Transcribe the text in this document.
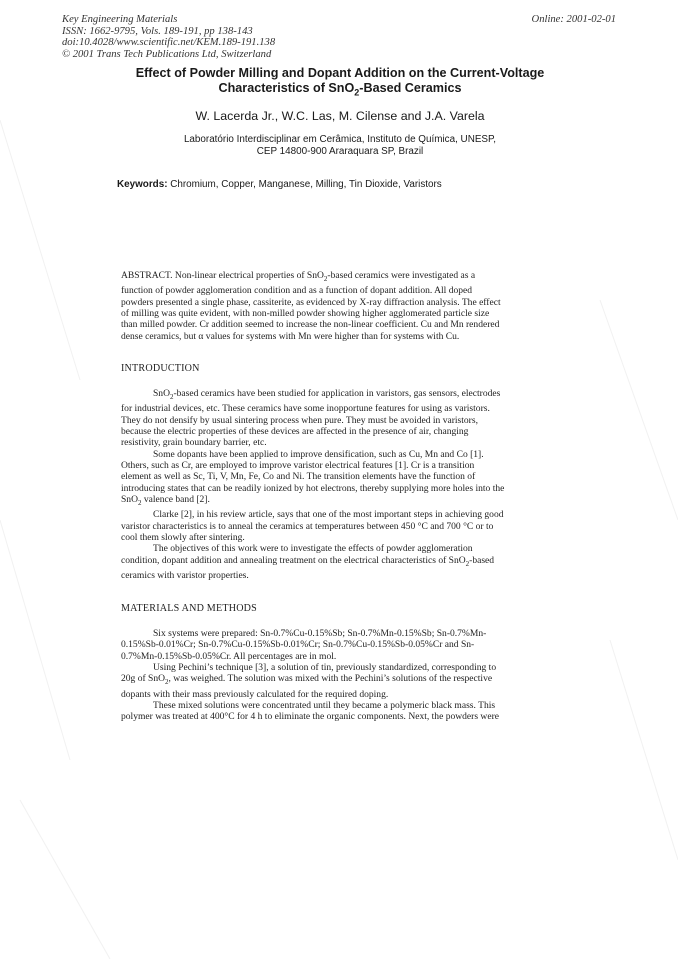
Key Engineering Materials
ISSN: 1662-9795, Vols. 189-191, pp 138-143
doi:10.4028/www.scientific.net/KEM.189-191.138
© 2001 Trans Tech Publications Ltd, Switzerland
Online: 2001-02-01
Effect of Powder Milling and Dopant Addition on the Current-Voltage
Characteristics of SnO$_2$-Based Ceramics
W. Lacerda Jr., W.C. Las, M. Cilense and J.A. Varela
Laboratório Interdisciplinar em Cerâmica, Instituto de Química, UNESP,
CEP 14800-900 Araraquara SP, Brazil
Keywords: Chromium, Copper, Manganese, Milling, Tin Dioxide, Varistors
ABSTRACT. Non-linear electrical properties of SnO$_2$-based ceramics were investigated as a
function of powder agglomeration condition and as a function of dopant addition. All doped
powders presented a single phase, cassiterite, as evidenced by X-ray diffraction analysis. The effect
of milling was quite evident, with non-milled powder showing higher agglomerated particle size
than milled powder. Cr addition seemed to increase the non-linear coefficient. Cu and Mn rendered
dense ceramics, but α values for systems with Mn were higher than for systems with Cu.
INTRODUCTION
SnO$_2$-based ceramics have been studied for application in varistors, gas sensors, electrodes
for industrial devices, etc. These ceramics have some inopportune features for using as varistors.
They do not densify by usual sintering process when pure. They must be avoided in varistors,
because the electric properties of these devices are affected in the presence of air, changing
resistivity, grain boundary barrier, etc.
Some dopants have been applied to improve densification, such as Cu, Mn and Co [1].
Others, such as Cr, are employed to improve varistor electrical features [1]. Cr is a transition
element as well as Sc, Ti, V, Mn, Fe, Co and Ni. The transition elements have the function of
introducing states that can be readily ionized by hot electrons, thereby supplying more holes into the
SnO$_2$ valence band [2].
Clarke [2], in his review article, says that one of the most important steps in achieving good
varistor characteristics is to anneal the ceramics at temperatures between 450 °C and 700 °C or to
cool them slowly after sintering.
The objectives of this work were to investigate the effects of powder agglomeration
condition, dopant addition and annealing treatment on the electrical characteristics of SnO$_2$-based
ceramics with varistor properties.
MATERIALS AND METHODS
Six systems were prepared: Sn-0.7%Cu-0.15%Sb; Sn-0.7%Mn-0.15%Sb; Sn-0.7%Mn-
0.15%Sb-0.01%Cr; Sn-0.7%Cu-0.15%Sb-0.01%Cr; Sn-0.7%Cu-0.15%Sb-0.05%Cr and Sn-
0.7%Mn-0.15%Sb-0.05%Cr. All percentages are in mol.
Using Pechini’s technique [3], a solution of tin, previously standardized, corresponding to
20g of SnO$_2$, was weighed. The solution was mixed with the Pechini’s solutions of the respective
dopants with their mass previously calculated for the required doping.
These mixed solutions were concentrated until they became a polymeric black mass. This
polymer was treated at 400°C for 4 h to eliminate the organic components. Next, the powders were
